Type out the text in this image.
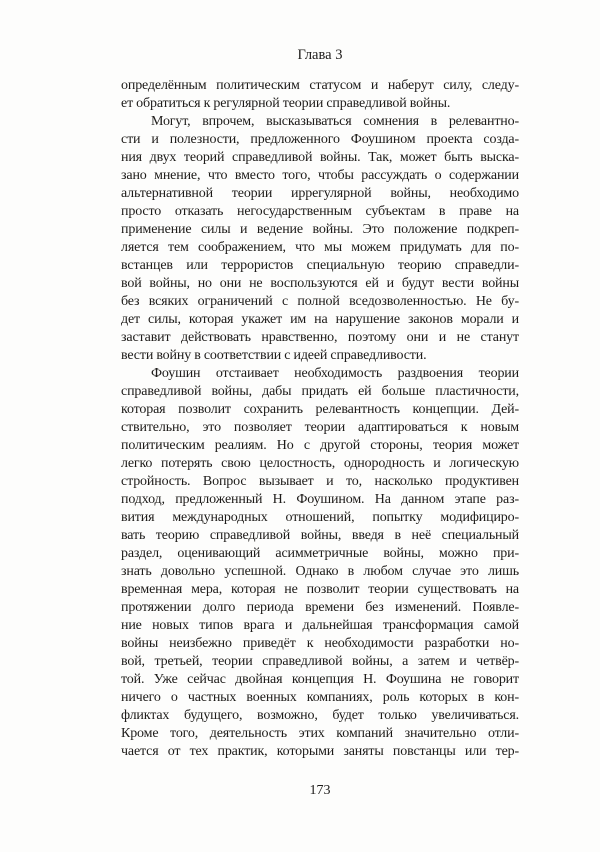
Глава 3
определённым политическим статусом и наберут силу, следу-
ет обратиться к регулярной теории справедливой войны.
Могут, впрочем, высказываться сомнения в релевантно-
сти и полезности, предложенного Фоушином проекта созда-
ния двух теорий справедливой войны. Так, может быть выска-
зано мнение, что вместо того, чтобы рассуждать о содержании
альтернативной теории иррегулярной войны, необходимо
просто отказать негосударственным субъектам в праве на
применение силы и ведение войны. Это положение подкреп-
ляется тем соображением, что мы можем придумать для по-
встанцев или террористов специальную теорию справедли-
вой войны, но они не воспользуются ей и будут вести войны
без всяких ограничений с полной вседозволенностью. Не бу-
дет силы, которая укажет им на нарушение законов морали и
заставит действовать нравственно, поэтому они и не станут
вести войну в соответствии с идеей справедливости.
Фоушин отстаивает необходимость раздвоения теории
справедливой войны, дабы придать ей больше пластичности,
которая позволит сохранить релевантность концепции. Дей-
ствительно, это позволяет теории адаптироваться к новым
политическим реалиям. Но с другой стороны, теория может
легко потерять свою целостность, однородность и логическую
стройность. Вопрос вызывает и то, насколько продуктивен
подход, предложенный Н. Фоушином. На данном этапе раз-
вития международных отношений, попытку модифициро-
вать теорию справедливой войны, введя в неё специальный
раздел, оценивающий асимметричные войны, можно при-
знать довольно успешной. Однако в любом случае это лишь
временная мера, которая не позволит теории существовать на
протяжении долго периода времени без изменений. Появле-
ние новых типов врага и дальнейшая трансформация самой
войны неизбежно приведёт к необходимости разработки но-
вой, третьей, теории справедливой войны, а затем и четвёр-
той. Уже сейчас двойная концепция Н. Фоушина не говорит
ничего о частных военных компаниях, роль которых в кон-
фликтах будущего, возможно, будет только увеличиваться.
Кроме того, деятельность этих компаний значительно отли-
чается от тех практик, которыми заняты повстанцы или тер-
173
